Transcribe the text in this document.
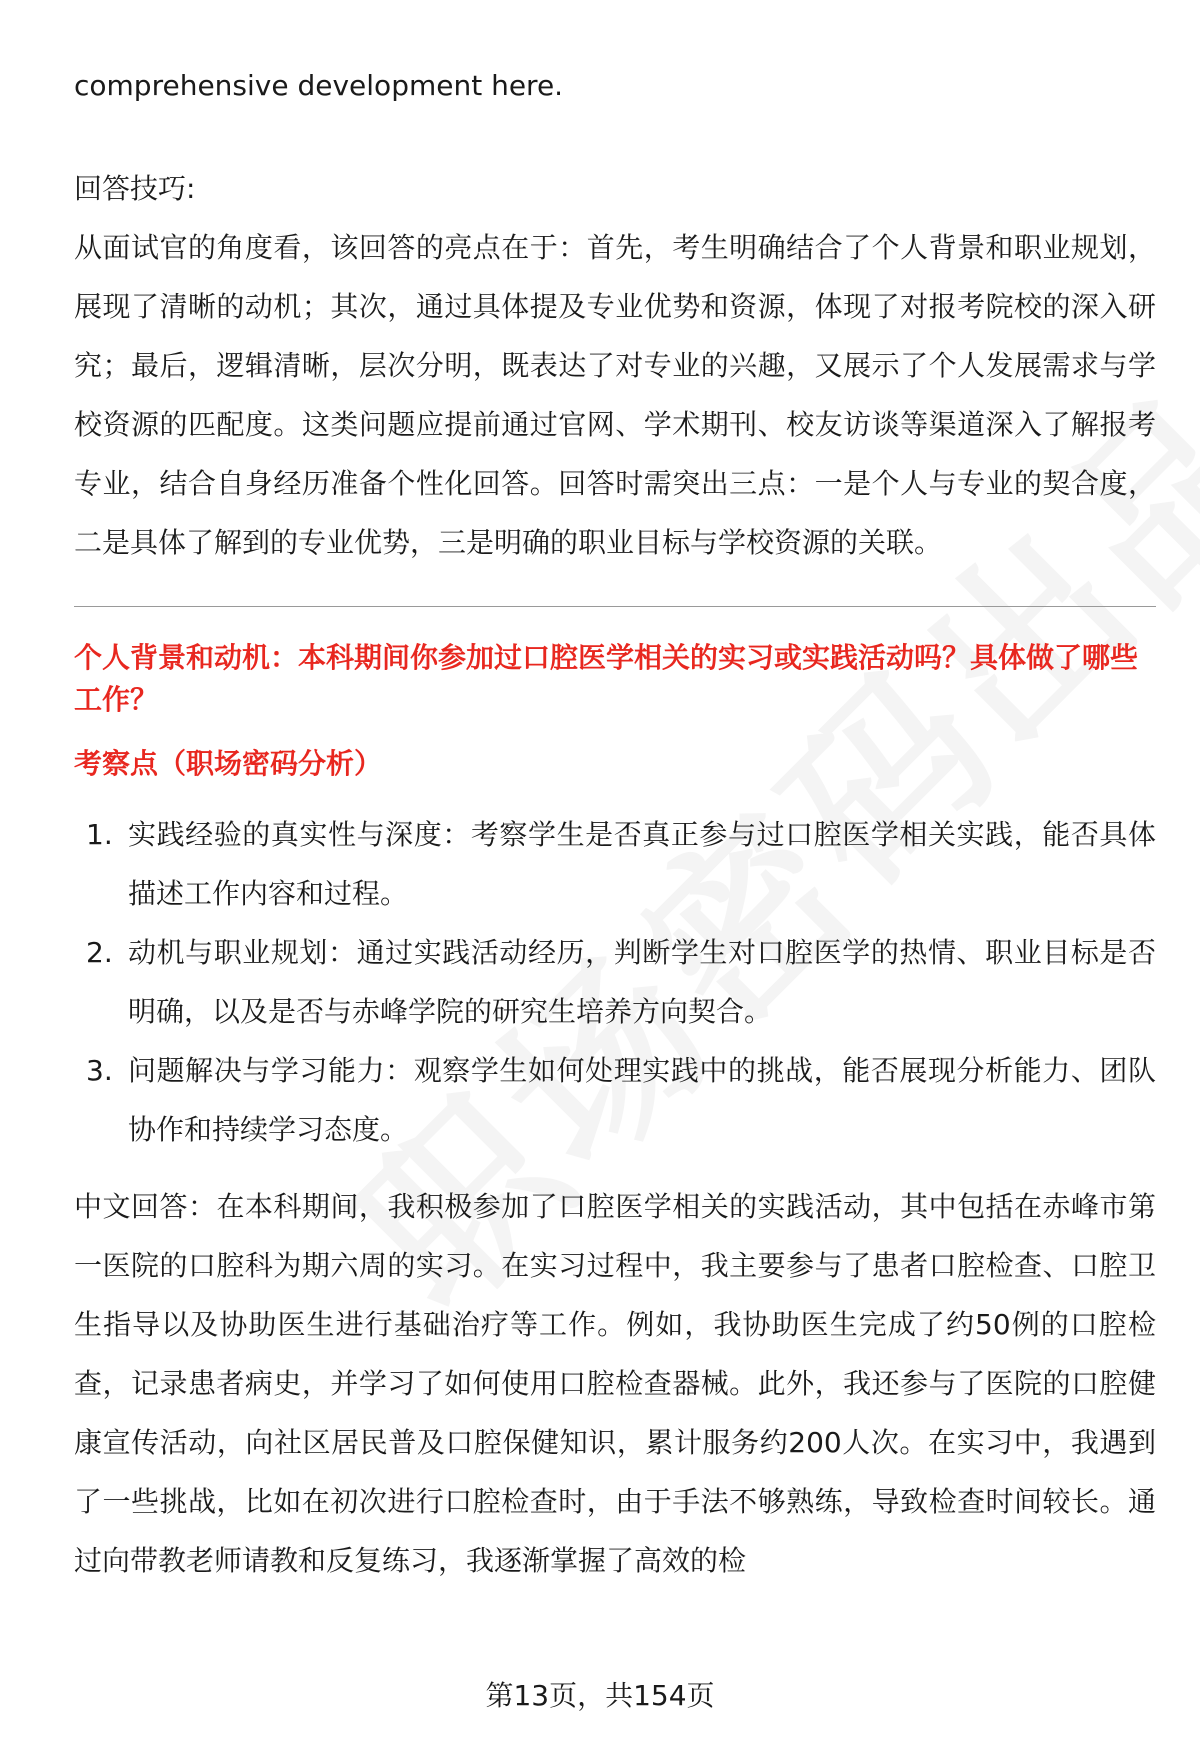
comprehensive development here.

回答技巧:

从面试官的角度看，该回答的亮点在于：首先，考生明确结合了个人背景和职业规划，展现了清晰的动机；其次，通过具体提及专业优势和资源，体现了对报考院校的深入研究；最后，逻辑清晰，层次分明，既表达了对专业的兴趣，又展示了个人发展需求与学校资源的匹配度。这类问题应提前通过官网、学术期刊、校友访谈等渠道深入了解报考专业，结合自身经历准备个性化回答。回答时需突出三点：一是个人与专业的契合度，二是具体了解到的专业优势，三是明确的职业目标与学校资源的关联。

个人背景和动机：本科期间你参加过口腔医学相关的实习或实践活动吗？具体做了哪些工作？
考察点（职场密码分析）
1. 实践经验的真实性与深度：考察学生是否真正参与过口腔医学相关实践，能否具体描述工作内容和过程。
2. 动机与职业规划：通过实践活动经历，判断学生对口腔医学的热情、职业目标是否明确，以及是否与赤峰学院的研究生培养方向契合。
3. 问题解决与学习能力：观察学生如何处理实践中的挑战，能否展现分析能力、团队协作和持续学习态度。

中文回答：在本科期间，我积极参加了口腔医学相关的实践活动，其中包括在赤峰市第一医院的口腔科为期六周的实习。在实习过程中，我主要参与了患者口腔检查、口腔卫生指导以及协助医生进行基础治疗等工作。例如，我协助医生完成了约50例的口腔检查，记录患者病史，并学习了如何使用口腔检查器械。此外，我还参与了医院的口腔健康宣传活动，向社区居民普及口腔保健知识，累计服务约200人次。在实习中，我遇到了一些挑战，比如在初次进行口腔检查时，由于手法不够熟练，导致检查时间较长。通过向带教老师请教和反复练习，我逐渐掌握了高效的检

第13页，共154页
